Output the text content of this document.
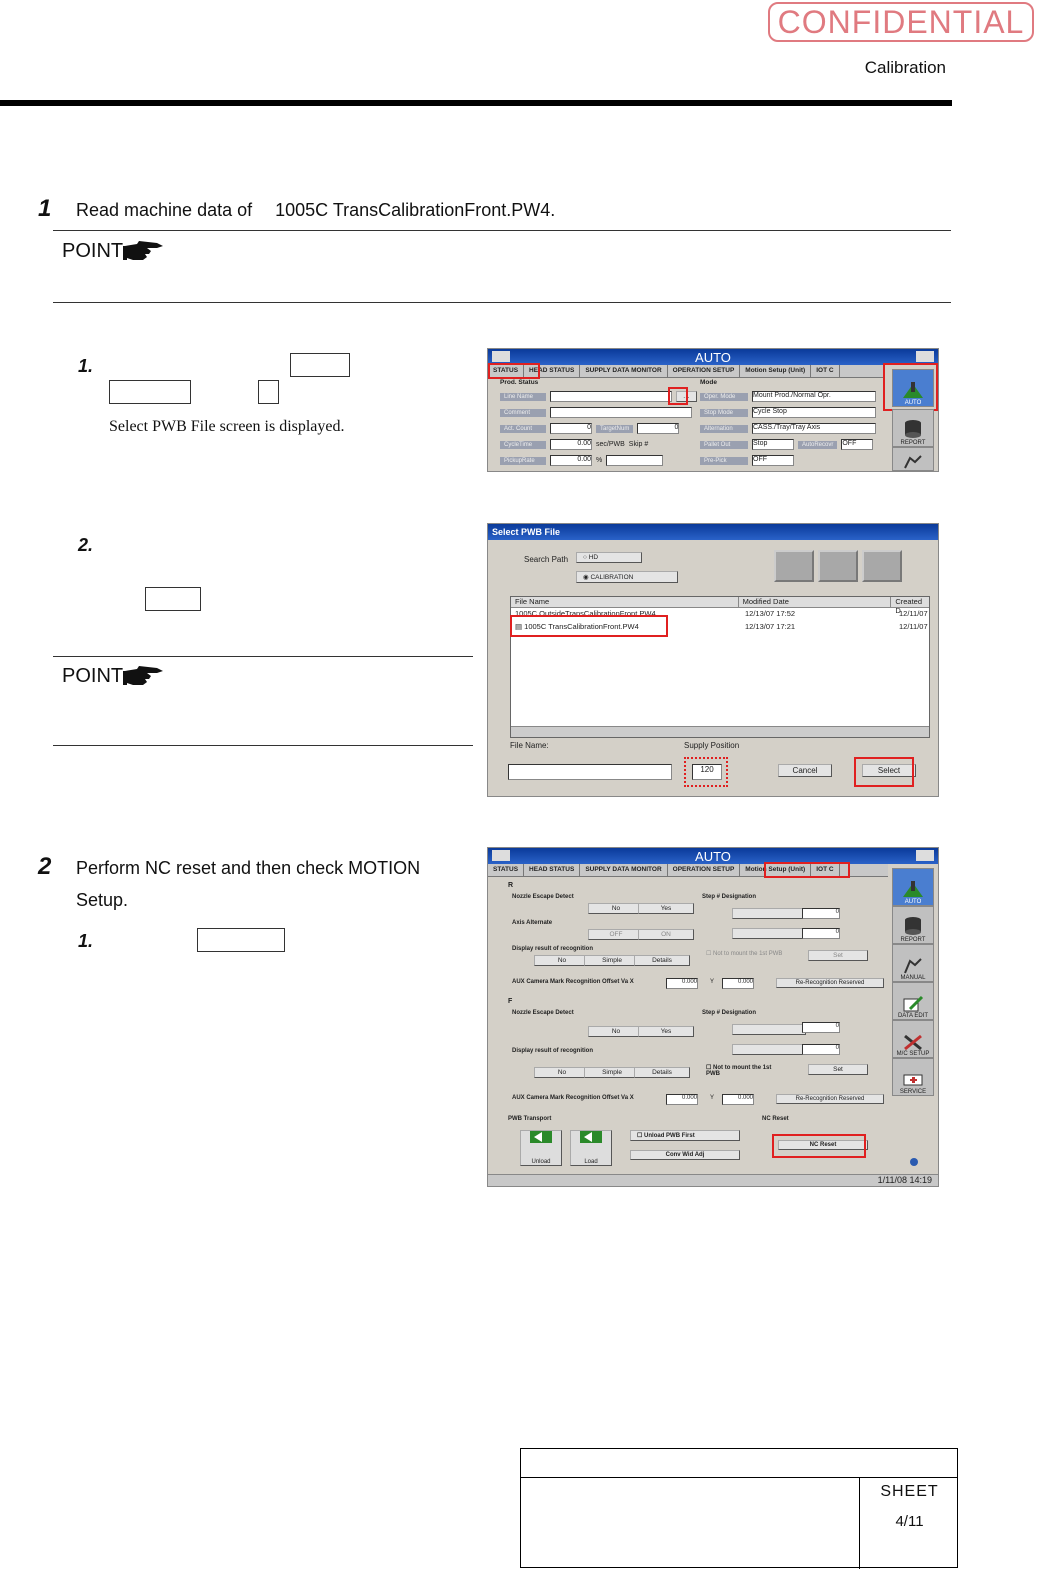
CONFIDENTIAL
Calibration
1 Read machine data of　 1005C TransCalibrationFront.PW4.
POINT
1.
Select PWB File screen is displayed.
2.
POINT
AUTO
STATUS	HEAD STATUS	SUPPLY DATA MONITOR	OPERATION SETUP	Motion Setup (Unit)	IOT C
Prod. Status	Mode
Line Name	…
Comment
Act. Count	0	TargetNum	0
CycleTime	0.00 sec/PWB Skip #
PickupRate	0.00 %
Oper. Mode	Mount Prod./Normal Opr.
Stop Mode	Cycle Stop
Alternation	CASS./Tray/Tray Axis
Pallet Out	Stop	AutoRecovr	OFF
Pre-Pick	OFF
AUTO
REPORT
Select PWB File
Search Path	○ HD
◉ CALIBRATION
File Name	Modified Date	Created D
1005C OutsideTransCalibrationFront.PW4	12/13/07 17:52	12/11/07
▤ 1005C TransCalibrationFront.PW4	12/13/07 17:21	12/11/07
File Name:	Supply Position
120	Cancel	Select
2 Perform NC reset and then check MOTION
Setup.
1.
AUTO
STATUS	HEAD STATUS	SUPPLY DATA MONITOR	OPERATION SETUP	Motion Setup (Unit)	IOT C
R
Nozzle Escape Detect
No	Yes
Axis Alternate
OFF	ON
Display result of recognition
No	Simple	Details
AUX Camera Mark Recognition Offset Va X	0.000 Y	0.000	Re-Recognition Reserved
Step # Designation

0

0
☐ Not to mount the 1st PWB	Set
F
Nozzle Escape Detect
No	Yes
Display result of recognition
No	Simple	Details
AUX Camera Mark Recognition Offset Va X	0.000 Y	0.000	Re-Recognition Reserved
Step # Designation

0

0
☐ Not to mount the 1st PWB
Set
PWB Transport
Unload	Load
☐ Unload PWB First
Conv Wid Adj
NC Reset
NC Reset
1/11/08 14:19
AUTO
REPORT
MANUAL
DATA EDIT
M/C SETUP
SERVICE
SHEET
4/11
